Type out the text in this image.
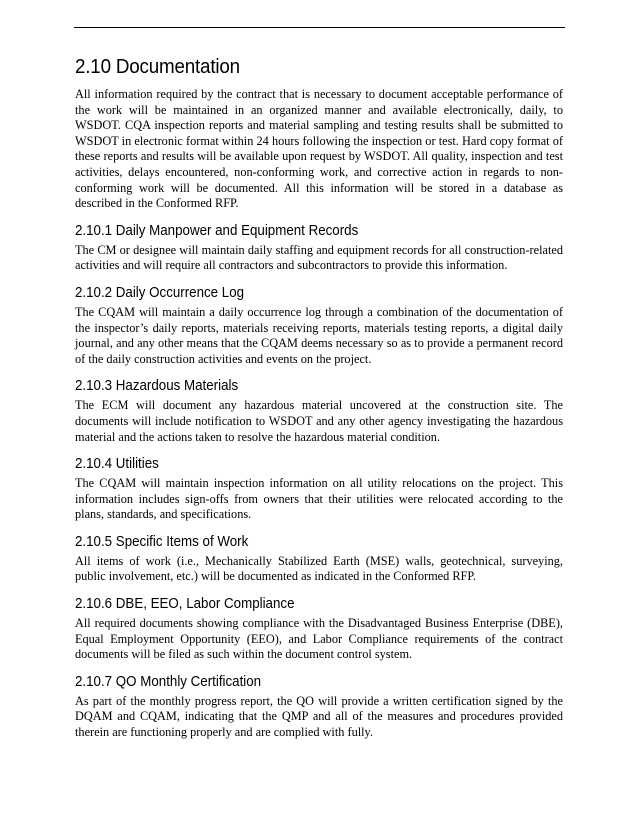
2.10 Documentation

All information required by the contract that is necessary to document acceptable performance of the work will be maintained in an organized manner and available electronically, daily, to WSDOT. CQA inspection reports and material sampling and testing results shall be submitted to WSDOT in electronic format within 24 hours following the inspection or test. Hard copy format of these reports and results will be available upon request by WSDOT. All quality, inspection and test activities, delays encountered, non-conforming work, and corrective action in regards to non-conforming work will be documented. All this information will be stored in a database as described in the Conformed RFP.

2.10.1 Daily Manpower and Equipment Records

The CM or designee will maintain daily staffing and equipment records for all construction-related activities and will require all contractors and subcontractors to provide this information.

2.10.2 Daily Occurrence Log

The CQAM will maintain a daily occurrence log through a combination of the documentation of the inspector’s daily reports, materials receiving reports, materials testing reports, a digital daily journal, and any other means that the CQAM deems necessary so as to provide a permanent record of the daily construction activities and events on the project.

2.10.3 Hazardous Materials

The ECM will document any hazardous material uncovered at the construction site. The documents will include notification to WSDOT and any other agency investigating the hazardous material and the actions taken to resolve the hazardous material condition.

2.10.4 Utilities

The CQAM will maintain inspection information on all utility relocations on the project. This information includes sign-offs from owners that their utilities were relocated according to the plans, standards, and specifications.

2.10.5 Specific Items of Work

All items of work (i.e., Mechanically Stabilized Earth (MSE) walls, geotechnical, surveying, public involvement, etc.) will be documented as indicated in the Conformed RFP.

2.10.6 DBE, EEO, Labor Compliance

All required documents showing compliance with the Disadvantaged Business Enterprise (DBE), Equal Employment Opportunity (EEO), and Labor Compliance requirements of the contract documents will be filed as such within the document control system.

2.10.7 QO Monthly Certification

As part of the monthly progress report, the QO will provide a written certification signed by the DQAM and CQAM, indicating that the QMP and all of the measures and procedures provided therein are functioning properly and are complied with fully.
